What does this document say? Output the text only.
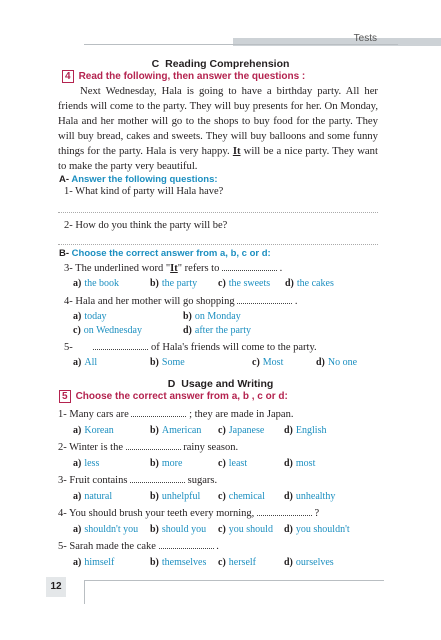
Tests
C Reading Comprehension
4 Read the following, then answer the questions :

Next Wednesday, Hala is going to have a birthday party. All her friends will come to the party. They will buy presents for her. On Monday, Hala and her mother will go to the shops to buy food for the party. They will buy bread, cakes and sweets. They will buy balloons and some funny things for the party. Hala is very happy. It will be a nice party. They want to make the party very beautiful.

A- Answer the following questions:
1- What kind of party will Hala have?
2- How do you think the party will be?
B- Choose the correct answer from a, b, c or d:
3- The underlined word "It" refers to	.
a) the book	b) the party c) the sweets d) the cakes
4- Hala and her mother will go shopping	.
a) today	b) on Monday
c) on Wednesday	d) after the party
5-	of Hala's friends will come to the party.
a) All	b) Some	c) Most	d) No one
D Usage and Writing
5 Choose the correct answer from a, b , c or d:
1- Many cars are	; they are made in Japan.
a) Korean	b) American c) Japanese d) English
2- Winter is the	rainy season.
a) less	b) more	c) least	d) most
3- Fruit contains	sugars.
a) natural	b) unhelpful c) chemical d) unhealthy
4- You should brush your teeth every morning,	?
a) shouldn't you b) should you c) you should d) you shouldn't
5- Sarah made the cake	.
a) himself	b) themselves c) herself	d) ourselves
12
